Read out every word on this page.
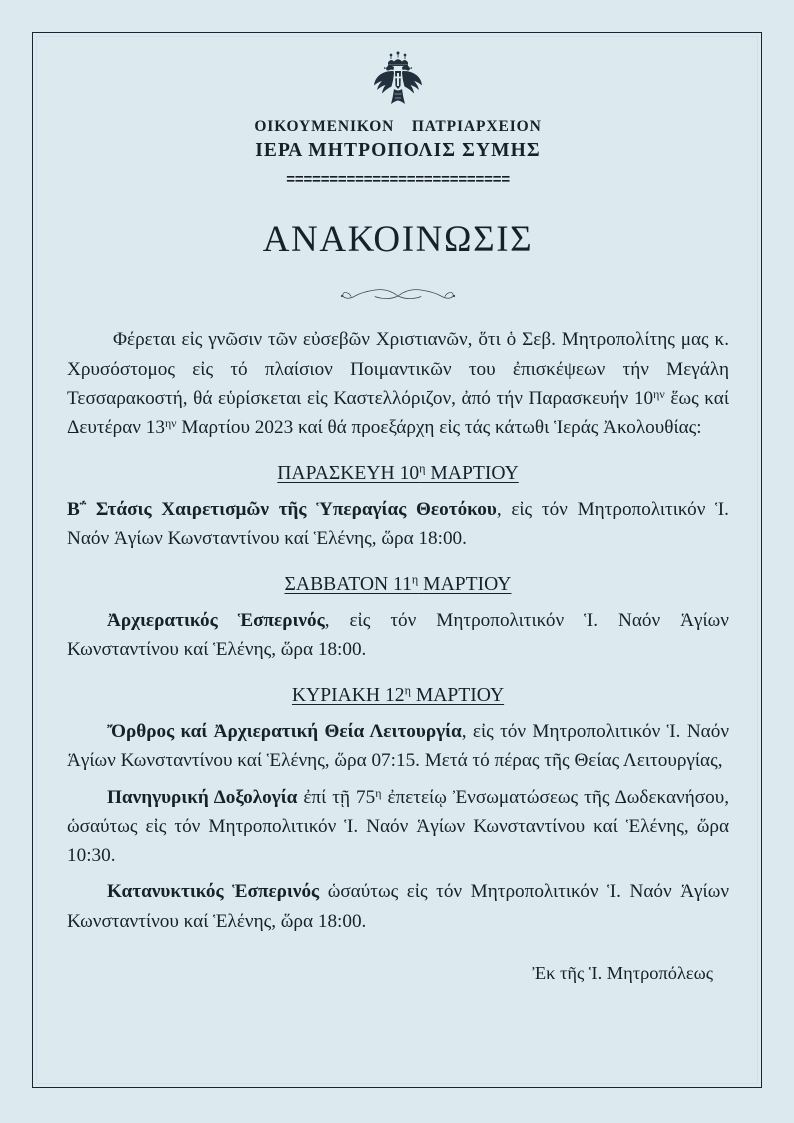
ΟΙΚΟΥΜΕΝΙΚΟΝ  ΠΑΤΡΙΑΡΧΕΙΟΝ
ΙΕΡΑ ΜΗΤΡΟΠΟΛΙΣ ΣΥΜΗΣ
==========================
ΑΝΑΚΟΙΝΩΣΙΣ

Φέρεται εἰς γνῶσιν τῶν εὐσεβῶν Χριστιανῶν, ὅτι ὁ Σεβ. Μητροπολίτης μας κ. Χρυσόστομος εἰς τό πλαίσιον Ποιμαντικῶν του ἐπισκέψεων τήν Μεγάλη Τεσσαρακοστή, θά εὑρίσκεται εἰς Καστελλόριζον, ἀπό τήν Παρασκευήν $10^{\eta\nu}$ ἕως καί Δευτέραν $13^{\eta\nu}$ Μαρτίου 2023 καί θά προεξάρχη εἰς τάς κάτωθι Ἱεράς Ἀκολουθίας:

ΠΑΡΑΣΚΕΥΗ $10^\eta$ ΜΑΡΤΙΟΥ

Β΅ Στάσις Χαιρετισμῶν τῆς Ὑπεραγίας Θεοτόκου, εἰς τόν Μητροπολιτικόν Ἱ. Ναόν Ἁγίων Κωνσταντίνου καί Ἑλένης, ὥρα 18:00.

ΣΑΒΒΑΤΟΝ $11^\eta$ ΜΑΡΤΙΟΥ

Ἀρχιερατικός Ἑσπερινός, εἰς τόν Μητροπολιτικόν Ἱ. Ναόν Ἁγίων Κωνσταντίνου καί Ἑλένης, ὥρα 18:00.

ΚΥΡΙΑΚΗ $12^\eta$ ΜΑΡΤΙΟΥ

Ὄρθρος καί Ἀρχιερατική Θεία Λειτουργία, εἰς τόν Μητροπολιτικόν Ἱ. Ναόν Ἁγίων Κωνσταντίνου καί Ἑλένης, ὥρα 07:15. Μετά τό πέρας τῆς Θείας Λειτουργίας,

Πανηγυρική Δοξολογία ἐπί τῇ $75^\eta$ ἐπετείῳ Ἐνσωματώσεως τῆς Δωδεκανήσου, ὡσαύτως εἰς τόν Μητροπολιτικόν Ἱ. Ναόν Ἁγίων Κωνσταντίνου καί Ἑλένης, ὥρα 10:30.

Κατανυκτικός Ἑσπερινός ὡσαύτως εἰς τόν Μητροπολιτικόν Ἱ. Ναόν Ἁγίων Κωνσταντίνου καί Ἑλένης, ὥρα 18:00.

Ἐκ τῆς Ἱ. Μητροπόλεως
